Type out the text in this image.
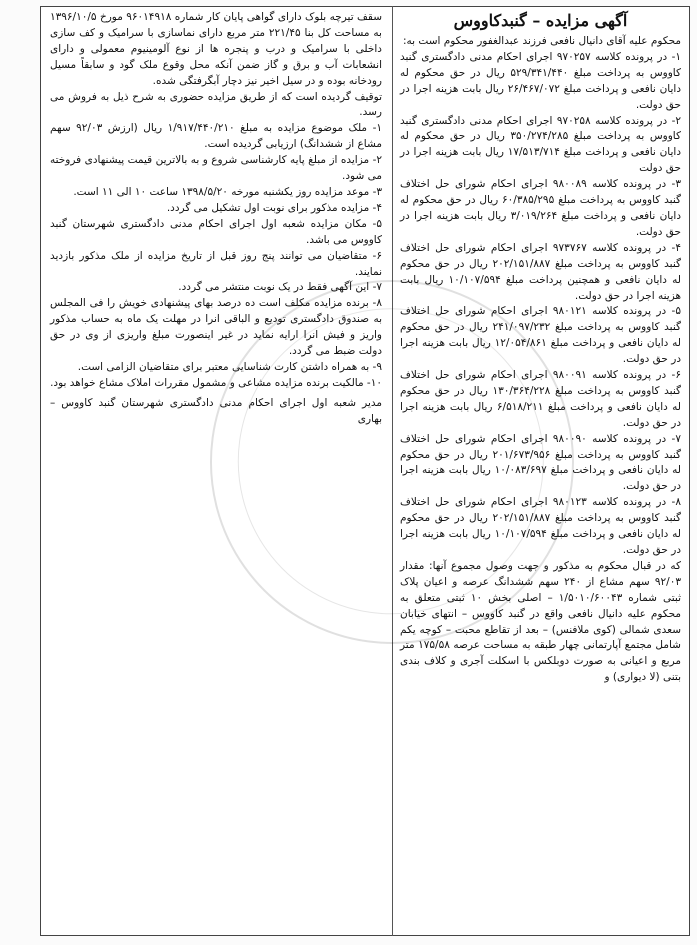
آگهی مزایده – گنبدکاووس

محکوم علیه آقای دانیال نافعی فرزند عبدالغفور محکوم است به:

۱- در پرونده کلاسه ۹۷۰۲۵۷ اجرای احکام مدنی دادگستری گنبد کاووس به پرداخت مبلغ ۵۲۹/۳۴۱/۴۴۰ ریال در حق محکوم له دایان نافعی و پرداخت مبلغ ۲۶/۴۶۷/۰۷۲ ریال بابت هزینه اجرا در حق دولت.

۲- در پرونده کلاسه ۹۷۰۲۵۸ اجرای احکام مدنی دادگستری گنبد کاووس به پرداخت مبلغ ۳۵۰/۲۷۴/۲۸۵ ریال در حق محکوم له دایان نافعی و پرداخت مبلغ ۱۷/۵۱۳/۷۱۴ ریال بابت هزینه اجرا در حق دولت

۳- در پرونده کلاسه ۹۸۰۰۸۹ اجرای احکام شورای حل اختلاف گنبد کاووس به پرداخت مبلغ ۶۰/۳۸۵/۲۹۵ ریال در حق محکوم له دایان نافعی و پرداخت مبلغ ۳/۰۱۹/۲۶۴ ریال بابت هزینه اجرا در حق دولت.

۴- در پرونده کلاسه ۹۷۳۷۶۷ اجرای احکام شورای حل اختلاف گنبد کاووس به پرداخت مبلغ ۲۰۲/۱۵۱/۸۸۷ ریال در حق محکوم له دایان نافعی و همچنین پرداخت مبلغ ۱۰/۱۰۷/۵۹۴ ریال بابت هزینه اجرا در حق دولت.

۵- در پرونده کلاسه ۹۸۰۱۲۱ اجرای احکام شورای حل اختلاف گنبد کاووس به پرداخت مبلغ ۲۴۱/۰۹۷/۲۳۲ ریال در حق محکوم له دایان نافعی و پرداخت مبلغ ۱۲/۰۵۴/۸۶۱ ریال بابت هزینه اجرا در حق دولت.

۶- در پرونده کلاسه ۹۸۰۰۹۱ اجرای احکام شورای حل اختلاف گنبد کاووس به پرداخت مبلغ ۱۳۰/۳۶۴/۲۲۸ ریال در حق محکوم له دایان نافعی و پرداخت مبلغ ۶/۵۱۸/۲۱۱ ریال بابت هزینه اجرا در حق دولت.

۷- در پرونده کلاسه ۹۸۰۰۹۰ اجرای احکام شورای حل اختلاف گنبد کاووس به پرداخت مبلغ ۲۰۱/۶۷۳/۹۵۶ ریال در حق محکوم له دایان نافعی و پرداخت مبلغ ۱۰/۰۸۳/۶۹۷ ریال بابت هزینه اجرا در حق دولت.

۸- در پرونده کلاسه ۹۸۰۱۲۳ اجرای احکام شورای حل اختلاف گنبد کاووس به پرداخت مبلغ ۲۰۲/۱۵۱/۸۸۷ ریال در حق محکوم له دایان نافعی و پرداخت مبلغ ۱۰/۱۰۷/۵۹۴ ریال بابت هزینه اجرا در حق دولت.

که در قبال محکوم به مذکور و جهت وصول مجموع آنها: مقدار ۹۲/۰۳ سهم مشاع از ۲۴۰ سهم ششدانگ عرصه و اعیان پلاک ثبتی شماره ۱/۵۰۱۰/۶۰۰۴۳ – اصلی بخش ۱۰ ثبتی متعلق به محکوم علیه دانیال نافعی واقع در گنبد کاووس – انتهای خیابان سعدی شمالی (کوی ملافنس) – بعد از تقاطع محبت – کوچه یکم شامل مجتمع آپارتمانی چهار طبقه به مساحت عرصه ۱۷۵/۵۸ متر مربع و اعیانی به صورت دوبلکس با اسکلت آجری و کلاف بندی بتنی (لا دیواری) و

سقف تیرچه بلوک دارای گواهی پایان کار شماره ۹۶۰۱۴۹۱۸ مورخ ۱۳۹۶/۱۰/۵ به مساحت کل بنا ۲۲۱/۴۵ متر مربع دارای نماسازی با سرامیک و کف سازی داخلی با سرامیک و درب و پنجره ها از نوع آلومینیوم معمولی و دارای انشعابات آب و برق و گاز ضمن آنکه محل وقوع ملک گود و سابقاً مسیل رودخانه بوده و در سیل اخیر نیز دچار آبگرفتگی شده.

توقیف گردیده است که از طریق مزایده حضوری به شرح ذیل به فروش می رسد.

۱- ملک موضوع مزایده به مبلغ ۱/۹۱۷/۴۴۰/۲۱۰ ریال (ارزش ۹۲/۰۳ سهم مشاع از ششدانگ) ارزیابی گردیده است.

۲- مزایده از مبلغ پایه کارشناسی شروع و به بالاترین قیمت پیشنهادی فروخته می شود.

۳- موعد مزایده روز یکشنبه مورخه ۱۳۹۸/۵/۲۰ ساعت ۱۰ الی ۱۱ است.

۴- مزایده مذکور برای نوبت اول تشکیل می گردد.

۵- مکان مزایده شعبه اول اجرای احکام مدنی دادگستری شهرستان گنبد کاووس می باشد.

۶- متقاضیان می توانند پنج روز قبل از تاریخ مزایده از ملک مذکور بازدید نمایند.

۷- این آگهی فقط در یک نوبت منتشر می گردد.

۸- برنده مزایده مکلف است ده درصد بهای پیشنهادی خویش را فی المجلس به صندوق دادگستری تودیع و الباقی انرا در مهلت یک ماه به حساب مذکور واریز و فیش انرا ارایه نماید در غیر اینصورت مبلغ واریزی از وی در حق دولت ضبط می گردد.

۹- به همراه داشتن کارت شناسایی معتبر برای متقاضیان الزامی است.

۱۰- مالکیت برنده مزایده مشاعی و مشمول مقررات املاک مشاع خواهد بود.

مدیر شعبه اول اجرای احکام مدنی دادگستری شهرستان گنبد کاووس – بهاری
